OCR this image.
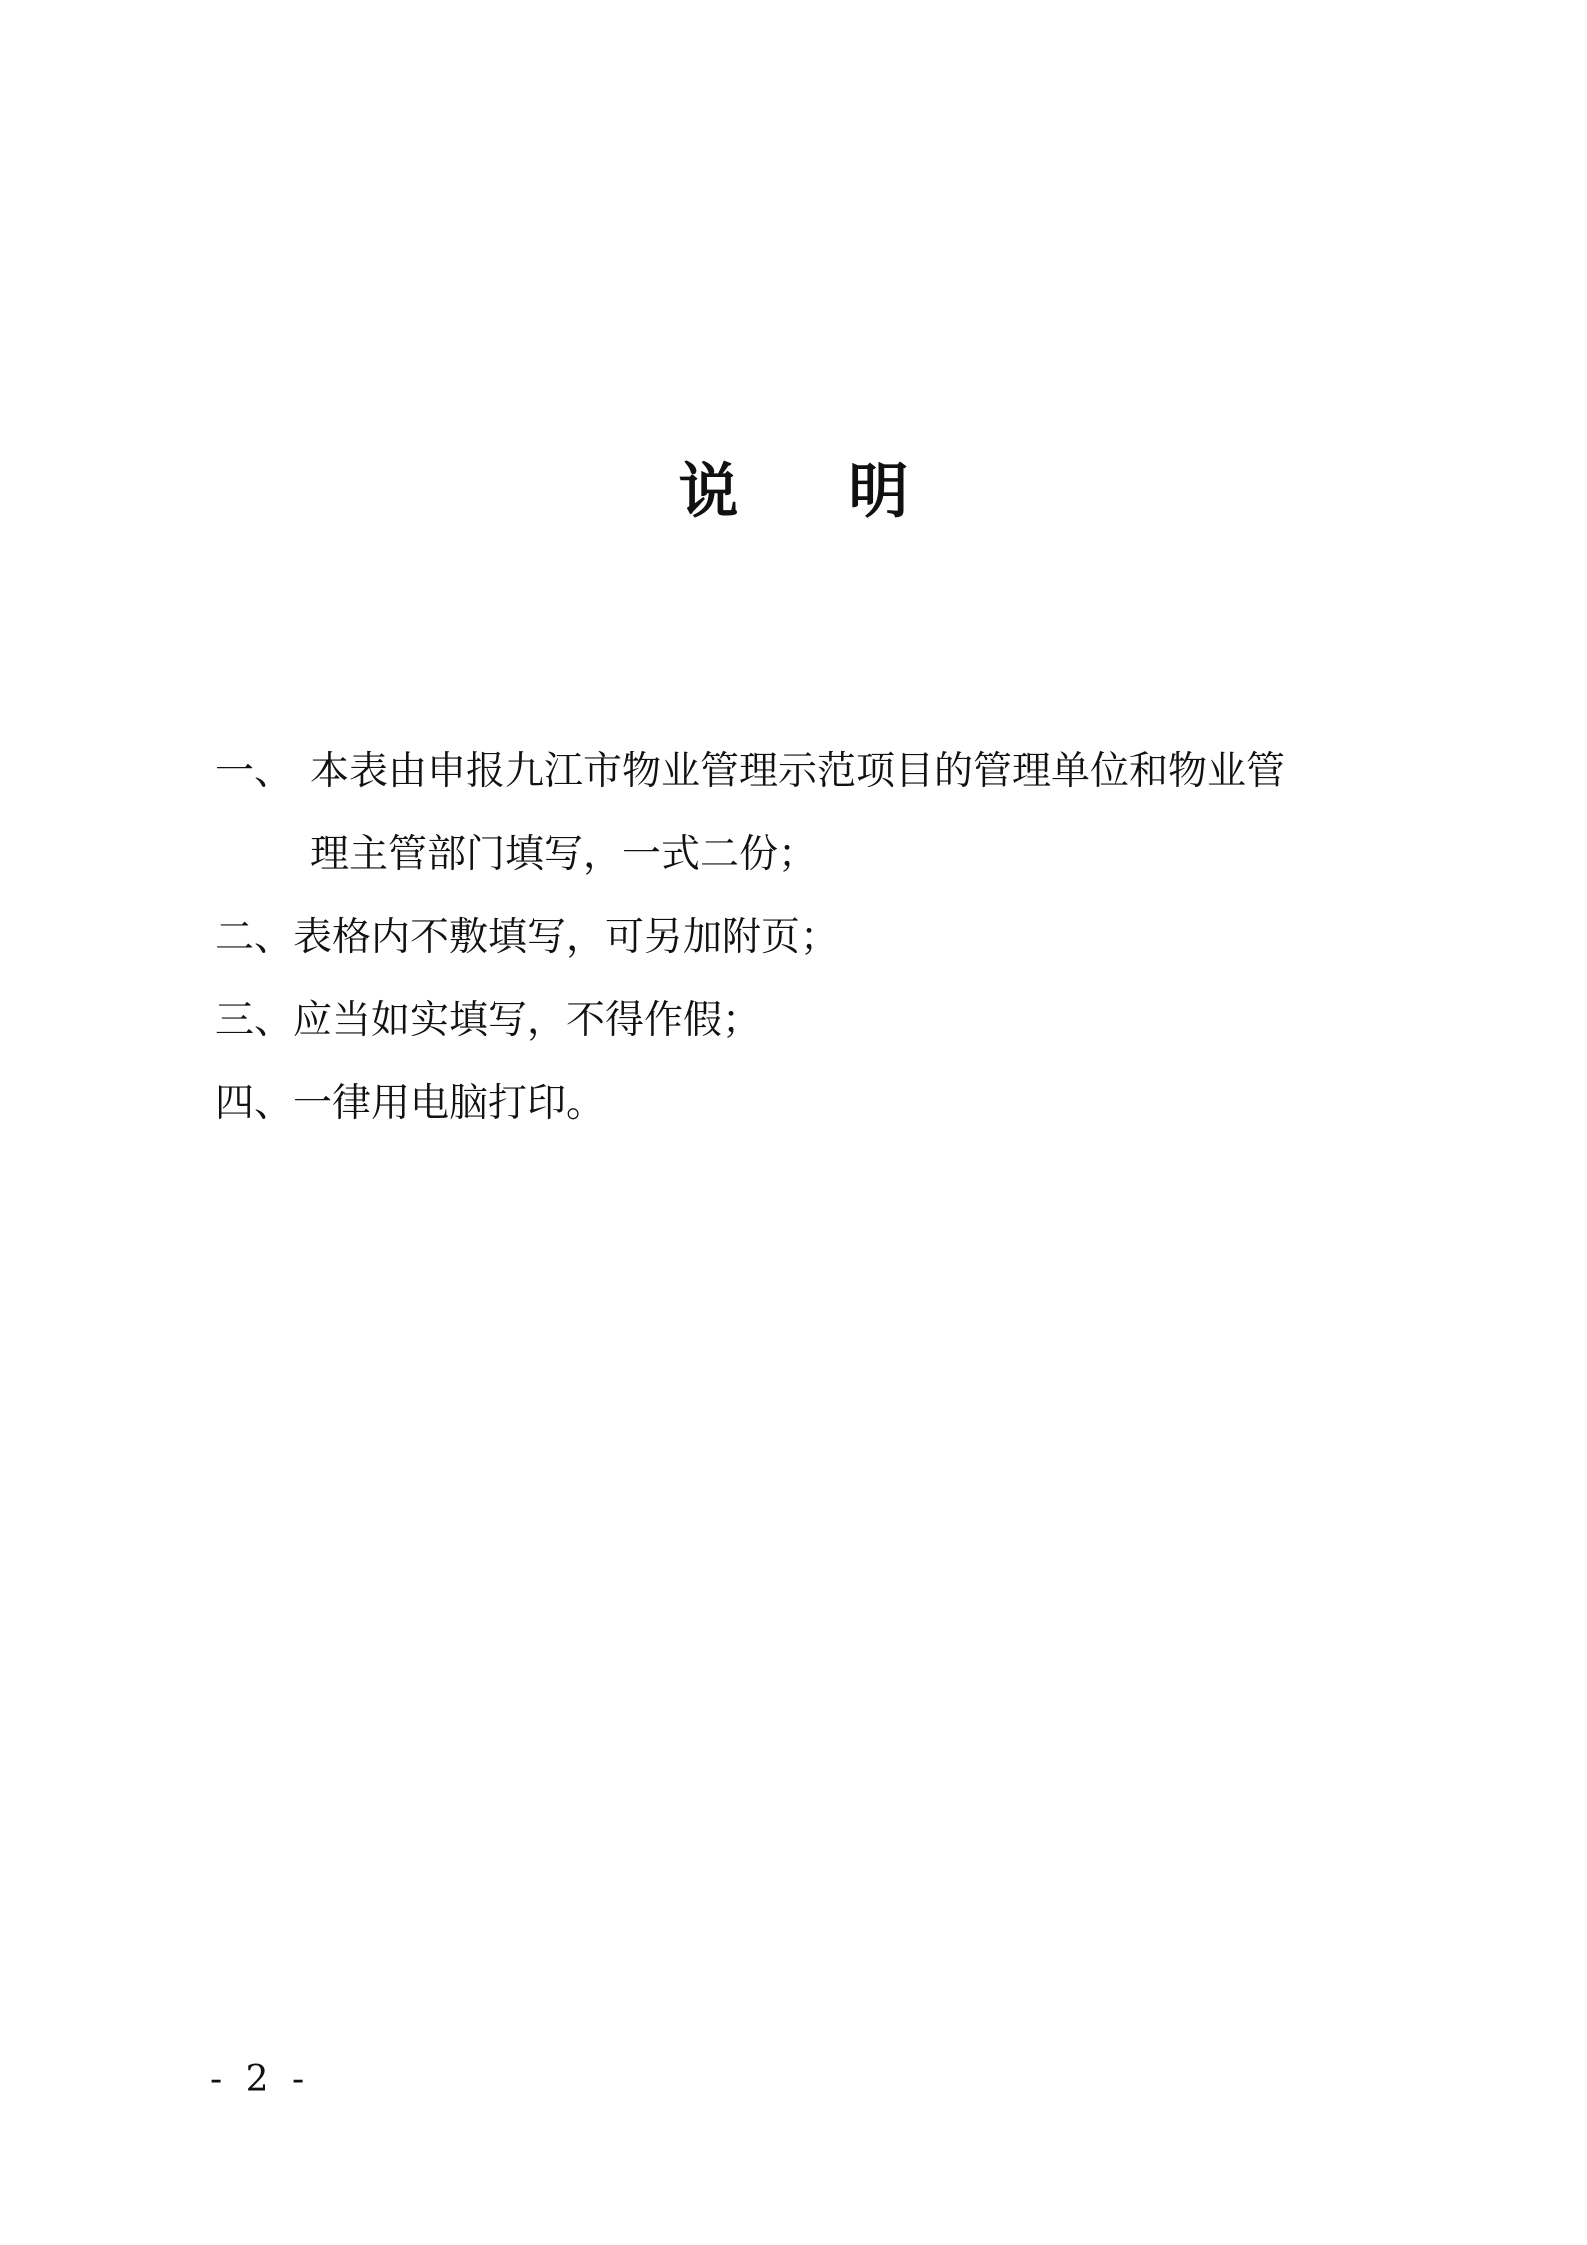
说 明
一、 本表由申报九江市物业管理示范项目的管理单位和物业管
理主管部门填写，一式二份；
二、 表格内不敷填写，可另加附页；
三、 应当如实填写，不得作假；
四、 一律用电脑打印。
- 2 -
